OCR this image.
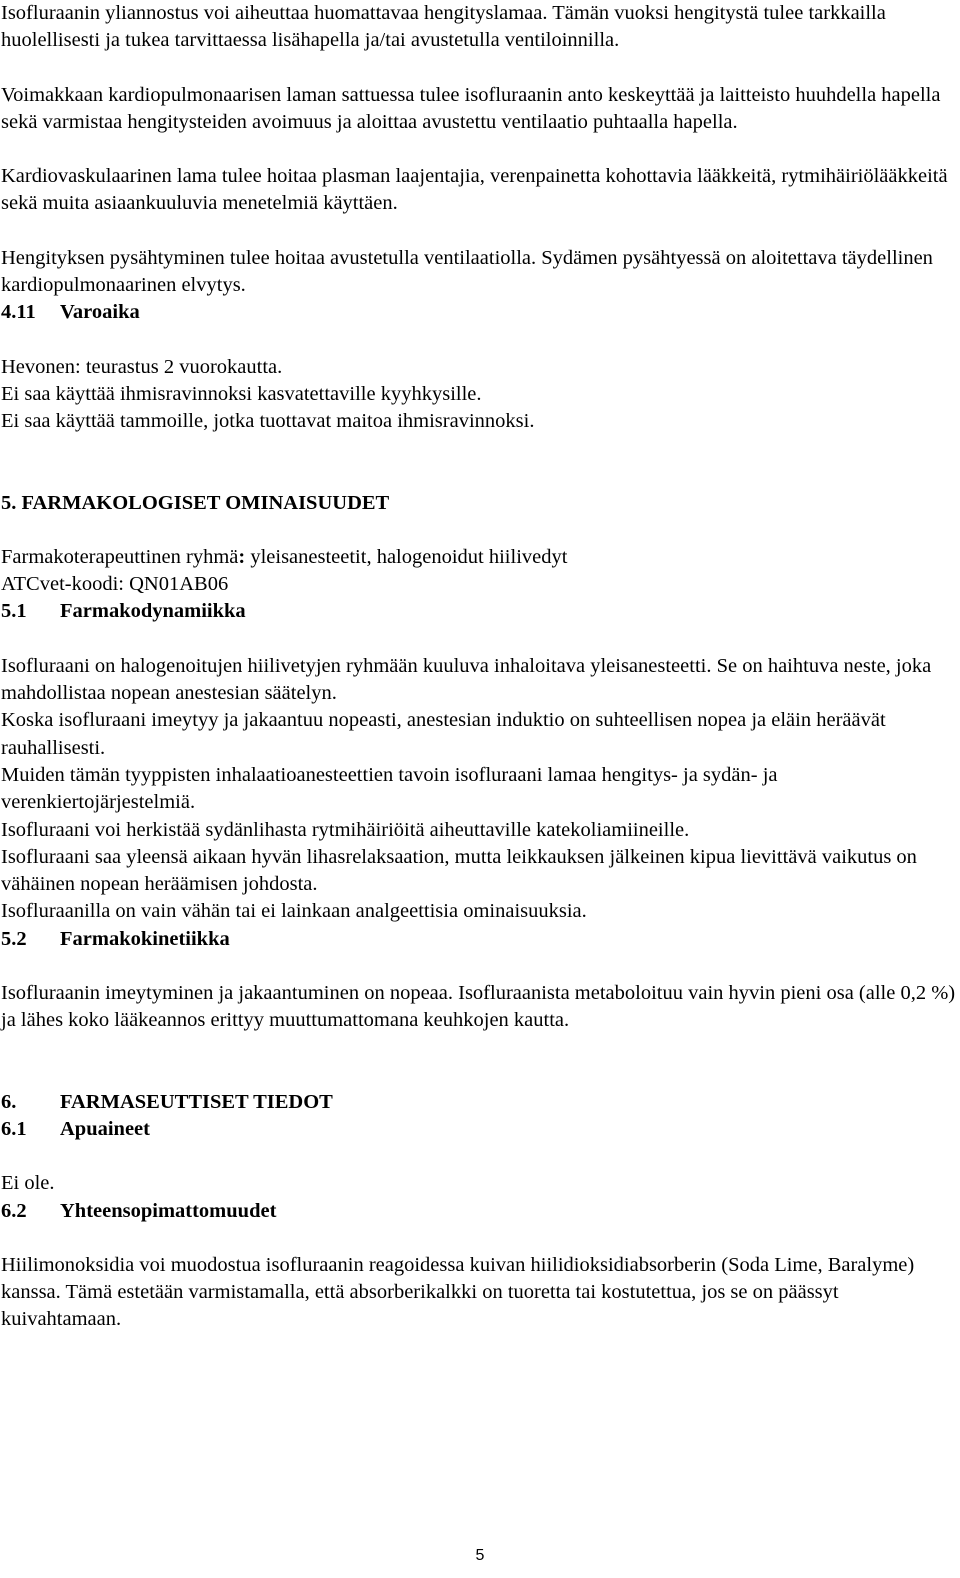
Isofluraanin yliannostus voi aiheuttaa huomattavaa hengityslamaa. Tämän vuoksi hengitystä tulee tarkkailla huolellisesti ja tukea tarvittaessa lisähapella ja/tai avustetulla ventiloinnilla.

Voimakkaan kardiopulmonaarisen laman sattuessa tulee isofluraanin anto keskeyttää ja laitteisto huuhdella hapella sekä varmistaa hengitysteiden avoimuus ja aloittaa avustettu ventilaatio puhtaalla hapella.

Kardiovaskulaarinen lama tulee hoitaa plasman laajentajia, verenpainetta kohottavia lääkkeitä, rytmihäiriölääkkeitä sekä muita asiaankuuluvia menetelmiä käyttäen.

Hengityksen pysähtyminen tulee hoitaa avustetulla ventilaatiolla. Sydämen pysähtyessä on aloitettava täydellinen kardiopulmonaarinen elvytys.

4.11 Varoaika

Hevonen: teurastus 2 vuorokautta.

Ei saa käyttää ihmisravinnoksi kasvatettaville kyyhkysille.

Ei saa käyttää tammoille, jotka tuottavat maitoa ihmisravinnoksi.

5. FARMAKOLOGISET OMINAISUUDET

Farmakoterapeuttinen ryhmä: yleisanesteetit, halogenoidut hiilivedyt

ATCvet-koodi: QN01AB06

5.1 Farmakodynamiikka

Isofluraani on halogenoitujen hiilivetyjen ryhmään kuuluva inhaloitava yleisanesteetti. Se on haihtuva neste, joka mahdollistaa nopean anestesian säätelyn.

Koska isofluraani imeytyy ja jakaantuu nopeasti, anestesian induktio on suhteellisen nopea ja eläin heräävät rauhallisesti.

Muiden tämän tyyppisten inhalaatioanesteettien tavoin isofluraani lamaa hengitys- ja sydän- ja verenkiertojärjestelmiä.

Isofluraani voi herkistää sydänlihasta rytmihäiriöitä aiheuttaville katekoliamiineille.

Isofluraani saa yleensä aikaan hyvän lihasrelaksaation, mutta leikkauksen jälkeinen kipua lievittävä vaikutus on vähäinen nopean heräämisen johdosta.

Isofluraanilla on vain vähän tai ei lainkaan analgeettisia ominaisuuksia.

5.2 Farmakokinetiikka

Isofluraanin imeytyminen ja jakaantuminen on nopeaa. Isofluraanista metaboloituu vain hyvin pieni osa (alle 0,2 %) ja lähes koko lääkeannos erittyy muuttumattomana keuhkojen kautta.

6. FARMASEUTTISET TIEDOT

6.1 Apuaineet

Ei ole.

6.2 Yhteensopimattomuudet

Hiilimonoksidia voi muodostua isofluraanin reagoidessa kuivan hiilidioksidiabsorberin (Soda Lime, Baralyme) kanssa. Tämä estetään varmistamalla, että absorberikalkki on tuoretta tai kostutettua, jos se on päässyt kuivahtamaan.

5
